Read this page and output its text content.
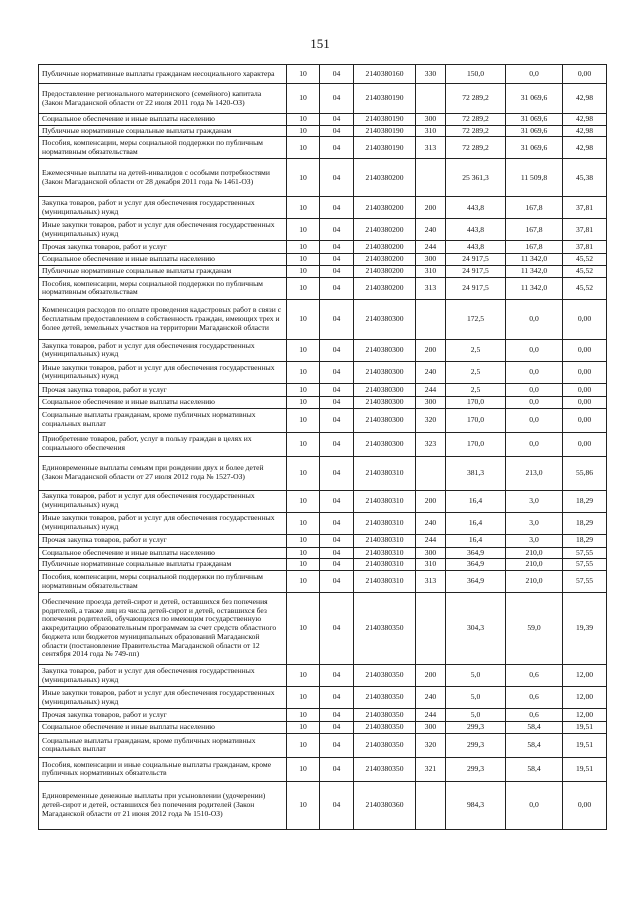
151
Публичные нормативные выплаты гражданам несоциального характера	10	04	2140380160	330	150,0	0,0	0,00
Предоставление регионального материнского (семейного) капитала (Закон Магаданской области от 22 июля 2011 года № 1420-ОЗ)	10	04	2140380190		72 289,2	31 069,6	42,98
Социальное обеспечение и иные выплаты населению	10	04	2140380190	300	72 289,2	31 069,6	42,98
Публичные нормативные социальные выплаты гражданам	10	04	2140380190	310	72 289,2	31 069,6	42,98
Пособия, компенсации, меры социальной поддержки по публичным нормативным обязательствам	10	04	2140380190	313	72 289,2	31 069,6	42,98
Ежемесячные выплаты на детей-инвалидов с особыми потребностями (Закон Магаданской области от 28 декабря 2011 года № 1461-ОЗ)	10	04	2140380200		25 361,3	11 509,8	45,38
Закупка товаров, работ и услуг для обеспечения государственных (муниципальных) нужд	10	04	2140380200	200	443,8	167,8	37,81
Иные закупки товаров, работ и услуг для обеспечения государственных (муниципальных) нужд	10	04	2140380200	240	443,8	167,8	37,81
Прочая закупка товаров, работ и услуг	10	04	2140380200	244	443,8	167,8	37,81
Социальное обеспечение и иные выплаты населению	10	04	2140380200	300	24 917,5	11 342,0	45,52
Публичные нормативные социальные выплаты гражданам	10	04	2140380200	310	24 917,5	11 342,0	45,52
Пособия, компенсации, меры социальной поддержки по публичным нормативным обязательствам	10	04	2140380200	313	24 917,5	11 342,0	45,52
Компенсация расходов по оплате проведения кадастровых работ в связи с бесплатным предоставлением в собственность граждан, имеющих трех и более детей, земельных участков на территории Магаданской области	10	04	2140380300		172,5	0,0	0,00
Закупка товаров, работ и услуг для обеспечения государственных (муниципальных) нужд	10	04	2140380300	200	2,5	0,0	0,00
Иные закупки товаров, работ и услуг для обеспечения государственных (муниципальных) нужд	10	04	2140380300	240	2,5	0,0	0,00
Прочая закупка товаров, работ и услуг	10	04	2140380300	244	2,5	0,0	0,00
Социальное обеспечение и иные выплаты населению	10	04	2140380300	300	170,0	0,0	0,00
Социальные выплаты гражданам, кроме публичных нормативных социальных выплат	10	04	2140380300	320	170,0	0,0	0,00
Приобретение товаров, работ, услуг в пользу граждан в целях их социального обеспечения	10	04	2140380300	323	170,0	0,0	0,00
Единовременные выплаты семьям при рождении двух и более детей (Закон Магаданской области от 27 июля 2012 года № 1527-ОЗ)	10	04	2140380310		381,3	213,0	55,86
Закупка товаров, работ и услуг для обеспечения государственных (муниципальных) нужд	10	04	2140380310	200	16,4	3,0	18,29
Иные закупки товаров, работ и услуг для обеспечения государственных (муниципальных) нужд	10	04	2140380310	240	16,4	3,0	18,29
Прочая закупка товаров, работ и услуг	10	04	2140380310	244	16,4	3,0	18,29
Социальное обеспечение и иные выплаты населению	10	04	2140380310	300	364,9	210,0	57,55
Публичные нормативные социальные выплаты гражданам	10	04	2140380310	310	364,9	210,0	57,55
Пособия, компенсации, меры социальной поддержки по публичным нормативным обязательствам	10	04	2140380310	313	364,9	210,0	57,55
Обеспечение проезда детей-сирот и детей, оставшихся без попечения родителей, а также лиц из числа детей-сирот и детей, оставшихся без попечения родителей, обучающихся по имеющим государственную аккредитацию образовательным программам за счет средств областного бюджета или бюджетов муниципальных образований Магаданской области (постановление Правительства Магаданской области от 12 сентября 2014 года № 749-пп)	10	04	2140380350		304,3	59,0	19,39
Закупка товаров, работ и услуг для обеспечения государственных (муниципальных) нужд	10	04	2140380350	200	5,0	0,6	12,00
Иные закупки товаров, работ и услуг для обеспечения государственных (муниципальных) нужд	10	04	2140380350	240	5,0	0,6	12,00
Прочая закупка товаров, работ и услуг	10	04	2140380350	244	5,0	0,6	12,00
Социальное обеспечение и иные выплаты населению	10	04	2140380350	300	299,3	58,4	19,51
Социальные выплаты гражданам, кроме публичных нормативных социальных выплат	10	04	2140380350	320	299,3	58,4	19,51
Пособия, компенсации и иные социальные выплаты гражданам, кроме публичных нормативных обязательств	10	04	2140380350	321	299,3	58,4	19,51
Единовременные денежные выплаты при усыновлении (удочерении) детей-сирот и детей, оставшихся без попечения родителей (Закон Магаданской области от 21 июня 2012 года № 1510-ОЗ)	10	04	2140380360		984,3	0,0	0,00
